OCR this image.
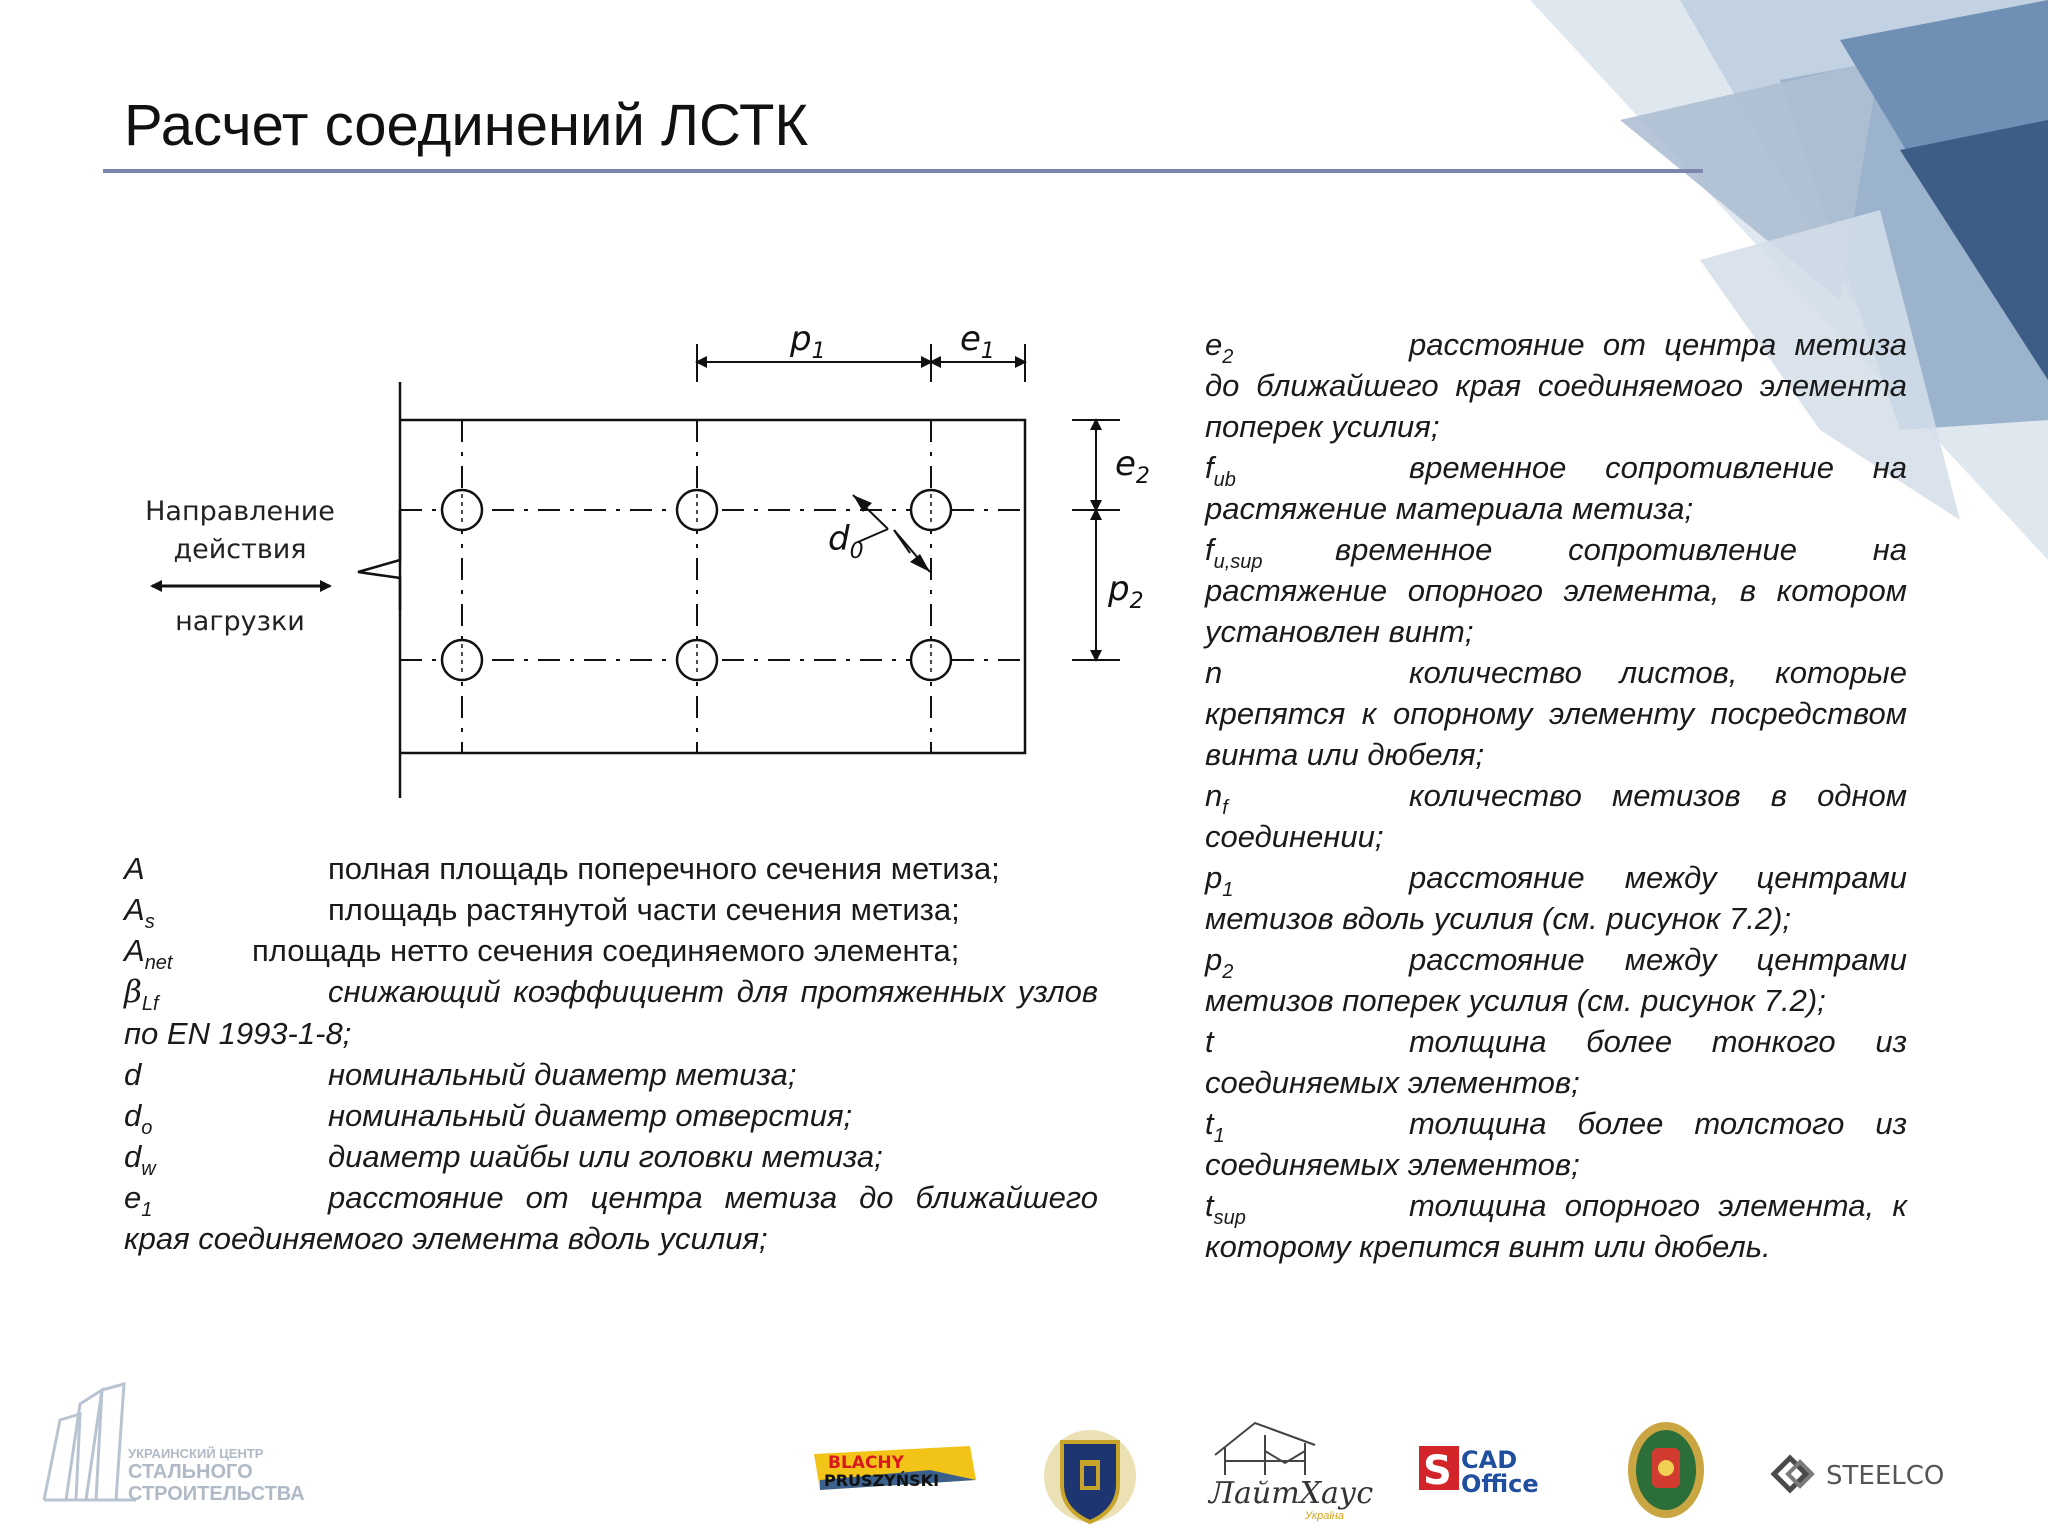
Расчет соединений ЛСТК
$p_1$	$e_1$
$e_2$
$p_2$
$d_0$
Направление
действия
нагрузки

A	полная площадь поперечного сечения метиза;

$A_s$	площадь растянутой части сечения метиза;

$A_{net}$	площадь нетто сечения соединяемого элемента;

$\beta_{Lf}$	снижающий коэффициент для протяженных узлов по EN 1993-1-8;

d	номинальный диаметр метиза;

$d_o$	номинальный диаметр отверстия;

$d_w$	диаметр шайбы или головки метиза;

$e_1$	расстояние от центра метиза до ближайшего края соединяемого элемента вдоль усилия;

$e_2$	расстояние от центра метиза до ближайшего края соединяемого элемента поперек усилия;

$f_{ub}$	временное сопротивление на растяжение материала метиза;

$f_{u,sup}$ временное сопротивление на растяжение опорного элемента, в котором установлен винт;

n	количество листов, которые крепятся к опорному элементу посредством винта или дюбеля;

$n_f$	количество метизов в одном соединении;

$p_1$	расстояние между центрами метизов вдоль усилия (см. рисунок 7.2);

$p_2$	расстояние между центрами метизов поперек усилия (см. рисунок 7.2);

t	толщина более тонкого из соединяемых элементов;

$t_1$	толщина более толстого из соединяемых элементов;

$t_{sup}$	толщина опорного элемента, к которому крепится винт или дюбель.

УКРАИНСКИЙ ЦЕНТР
СТАЛЬНОГО
СТРОИТЕЛЬСТВА
BLACHY
PRUSZYŃSKI	ЛайтХаус
Україна
S CAD
Office	STEELCO
